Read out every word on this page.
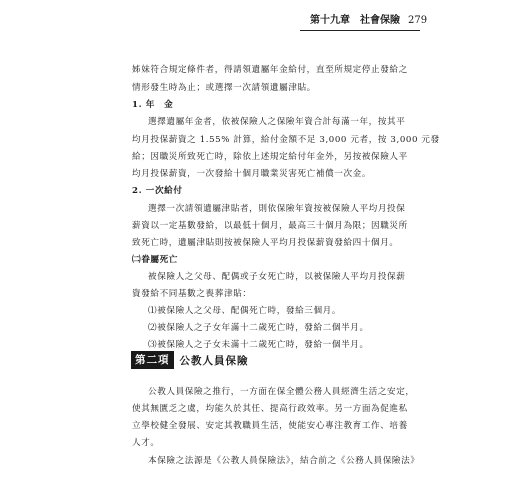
第十九章　社會保險 279
姊妹符合規定條件者，得請領遺屬年金給付，直至所規定停止發給之
情形發生時為止；或選擇一次請領遺屬津貼。
1. 年　金
選擇遺屬年金者，依被保險人之保險年資合計每滿一年，按其平
均月投保薪資之 1.55% 計算，給付金額不足 3,000 元者，按 3,000 元發
給；因職災所致死亡時，除依上述規定給付年金外，另按被保險人平
均月投保薪資，一次發給十個月職業災害死亡補償一次金。
2. 一次給付
選擇一次請領遺屬津貼者，則依保險年資按被保險人平均月投保
薪資以一定基數發給，以最低十個月，最高三十個月為限；因職災所
致死亡時，遺屬津貼則按被保險人平均月投保薪資發給四十個月。
㈡眷屬死亡
被保險人之父母、配偶或子女死亡時，以被保險人平均月投保薪
資發給不同基數之喪葬津貼：
⑴被保險人之父母、配偶死亡時，發給三個月。
⑵被保險人之子女年滿十二歲死亡時，發給二個半月。
⑶被保險人之子女未滿十二歲死亡時，發給一個半月。
第二項 公教人員保險
公教人員保險之推行，一方面在保全體公務人員經濟生活之安定，
使其無匱乏之虞，均能久於其任、提高行政效率。另一方面為促進私
立學校健全發展、安定其教職員生活，使能安心專注教育工作、培養
人才。
本保險之法源是《公教人員保險法》，結合前之《公務人員保險法》
